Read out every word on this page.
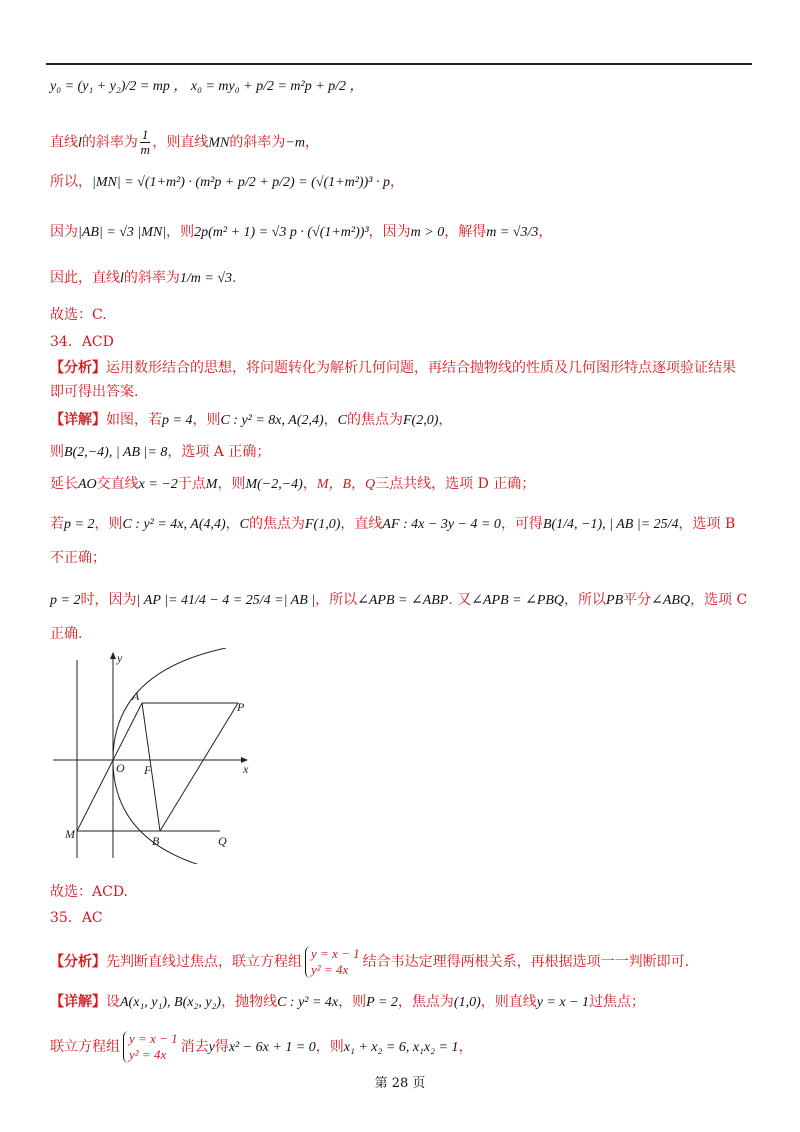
y₀ = (y₁ + y₂)/2 = mp ， x₀ = my₀ + p/2 = m²p + p/2 ，
直线l的斜率为 $\frac{1}{m}$ ，则直线MN的斜率为−m，
所以，|MN| = √(1+m²) · (m²p + p/2 + p/2) = (√(1+m²))³ · p，
因为|AB| = √3 |MN|，则2p(m² + 1) = √3 p · (√(1+m²))³，因为m > 0，解得m = √3/3，
因此，直线l的斜率为1/m = √3.
故选：C.
34．ACD
【分析】运用数形结合的思想，将问题转化为解析几何问题，再结合抛物线的性质及几何图形特点逐项验证结果
即可得出答案.
【详解】如图，若p = 4，则C : y² = 8x, A(2,4)，C的焦点为F(2,0)，
则B(2,−4), | AB |= 8，选项 A 正确；
延长AO交直线x = −2于点M，则M(−2,−4)，M，B，Q三点共线，选项 D 正确；
若p = 2，则C : y² = 4x, A(4,4)，C的焦点为F(1,0)，直线AF : 4x − 3y − 4 = 0，可得B(1/4, −1), | AB |= 25/4，选项 B
不正确；
p = 2时，因为| AP |= 41/4 − 4 = 25/4 =| AB |，所以∠APB = ∠ABP. 又∠APB = ∠PBQ，所以PB平分∠ABQ，选项 C
正确.
y
x
A
P
O F
M	B	Q
故选：ACD.
35．AC
【分析】先判断直线过焦点，联立方程组
y = x − 1
y² = 4x	结合韦达定理得两根关系，再根据选项一一判断即可.
【详解】设A(x₁, y₁), B(x₂, y₂)，抛物线C : y² = 4x，则P = 2，焦点为(1,0)，则直线y = x − 1过焦点；
联立方程组
y = x − 1
y² = 4x	消去y得x² − 6x + 1 = 0，则x₁ + x₂ = 6, x₁x₂ = 1，
第 28 页
